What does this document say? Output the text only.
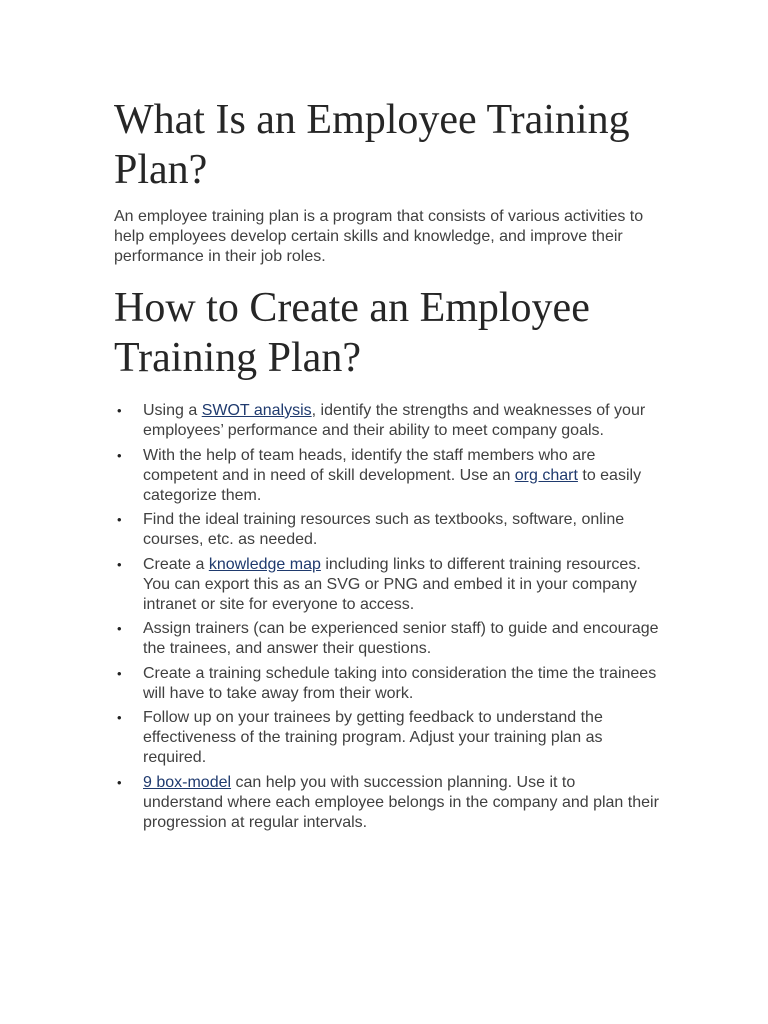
What Is an Employee Training Plan?

An employee training plan is a program that consists of various activities to help employees develop certain skills and knowledge, and improve their performance in their job roles.

How to Create an Employee Training Plan?
• Using a SWOT analysis, identify the strengths and weaknesses of your employees’ performance and their ability to meet company goals.
• With the help of team heads, identify the staff members who are competent and in need of skill development. Use an org chart to easily categorize them.
• Find the ideal training resources such as textbooks, software, online courses, etc. as needed.
• Create a knowledge map including links to different training resources. You can export this as an SVG or PNG and embed it in your company intranet or site for everyone to access.
• Assign trainers (can be experienced senior staff) to guide and encourage the trainees, and answer their questions.
• Create a training schedule taking into consideration the time the trainees will have to take away from their work.
• Follow up on your trainees by getting feedback to understand the effectiveness of the training program. Adjust your training plan as required.
• 9 box-model can help you with succession planning. Use it to understand where each employee belongs in the company and plan their progression at regular intervals.
